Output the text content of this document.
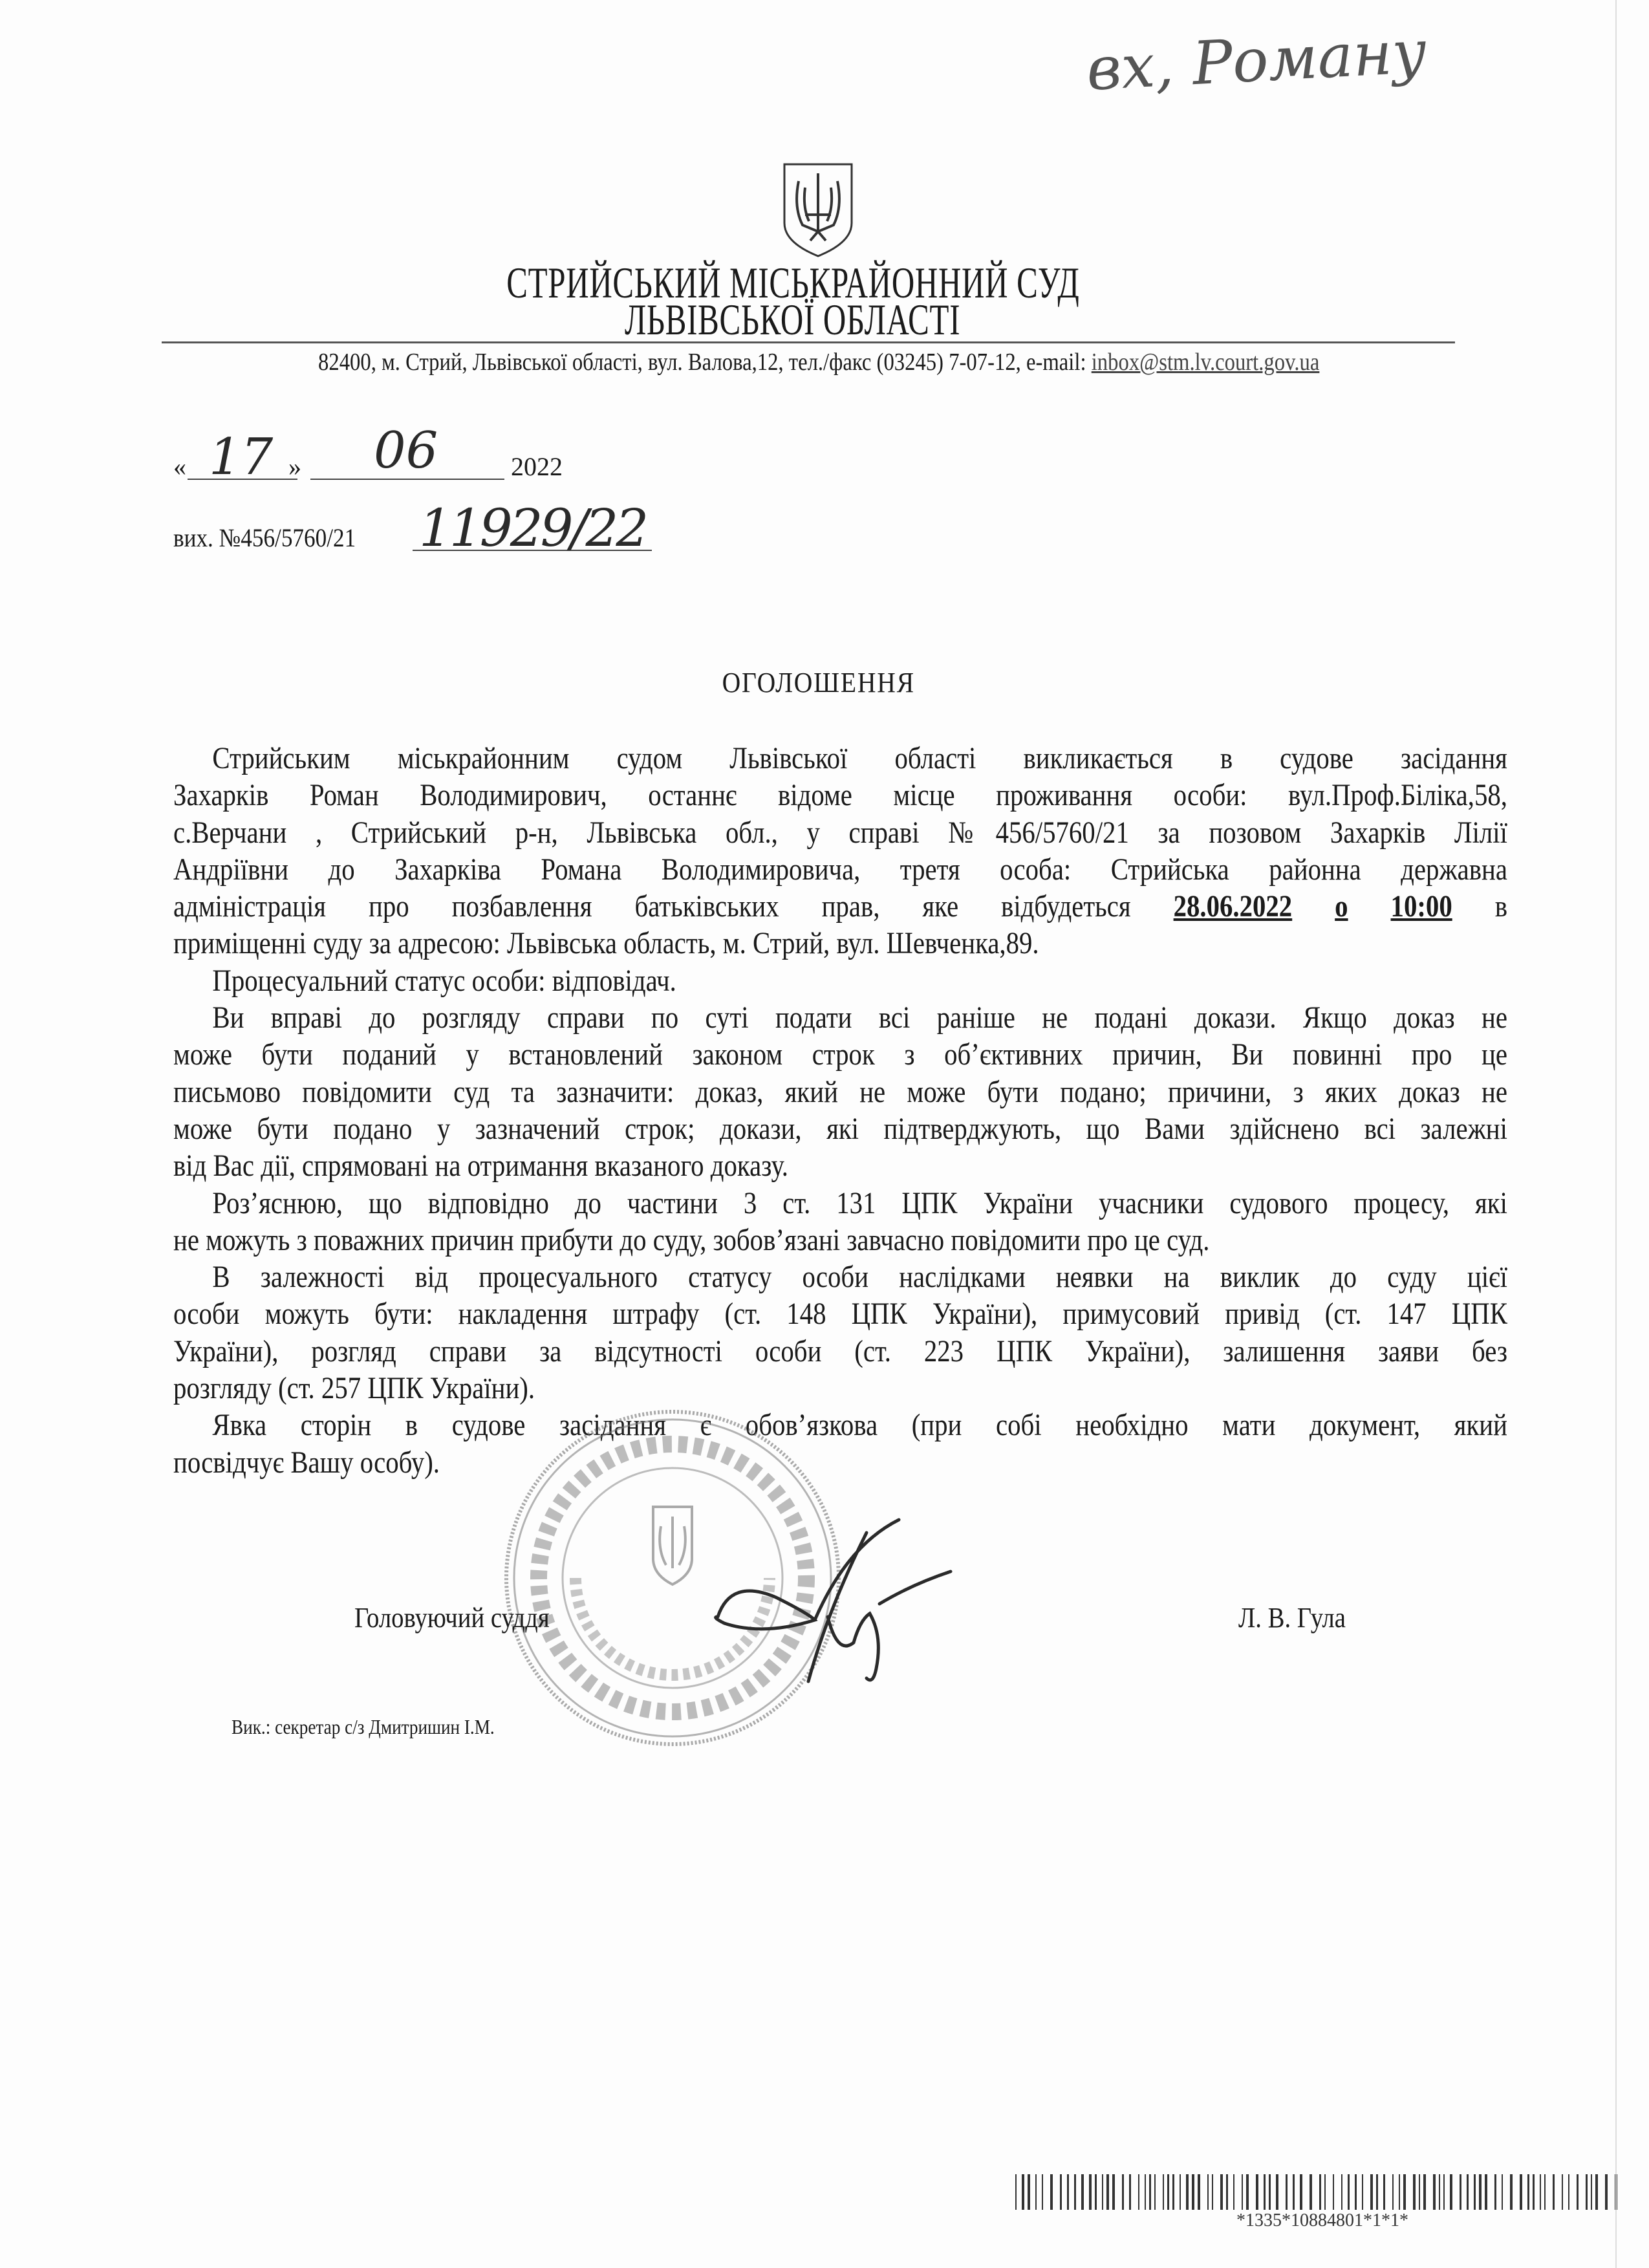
вх, Роману
СТРИЙСЬКИЙ МІСЬКРАЙОННИЙ СУД
ЛЬВІВСЬКОЇ ОБЛАСТІ
82400, м. Стрий, Львівської області, вул. Валова,12, тел./факс (03245) 7-07-12, e-mail: inbox@stm.lv.court.gov.ua
« 17 » 06	2022
вих. №456/5760/21 11929/22
ОГОЛОШЕННЯ
Стрийським міськрайонним судом Львівської області викликається в судове засідання
Захарків Роман Володимирович, останнє відоме місце проживання особи: вул.Проф.Біліка,58,
с.Верчани , Стрийський р-н, Львівська обл., у справі №456/5760/21 за позовом Захарків Лілії
Андріївни до Захарківа Романа Володимировича, третя особа: Стрийська районна державна
адміністрація про позбавлення батьківських прав, яке відбудеться 28.06.2022 о 10:00 в
приміщенні суду за адресою: Львівська область, м. Стрий, вул. Шевченка,89.
Процесуальний статус особи: відповідач.
Ви вправі до розгляду справи по суті подати всі раніше не подані докази. Якщо доказ не
може бути поданий у встановлений законом строк з об’єктивних причин, Ви повинні про це
письмово повідомити суд та зазначити: доказ, який не може бути подано; причини, з яких доказ не
може бути подано у зазначений строк; докази, які підтверджують, що Вами здійснено всі залежні
від Вас дії, спрямовані на отримання вказаного доказу.
Роз’яснюю, що відповідно до частини 3 ст. 131 ЦПК України учасники судового процесу, які
не можуть з поважних причин прибути до суду, зобов’язані завчасно повідомити про це суд.
В залежності від процесуального статусу особи наслідками неявки на виклик до суду цієї
особи можуть бути: накладення штрафу (ст. 148 ЦПК України), примусовий привід (ст. 147 ЦПК
України), розгляд справи за відсутності особи (ст. 223 ЦПК України), залишення заяви без
розгляду (ст. 257 ЦПК України).
Явка сторін в судове засідання є обов’язкова (при собі необхідно мати документ, який
посвідчує Вашу особу).
Головуючий суддя	Л. В. Гула
Вик.: секретар с/з Дмитришин І.М.
*1335*10884801*1*1*
